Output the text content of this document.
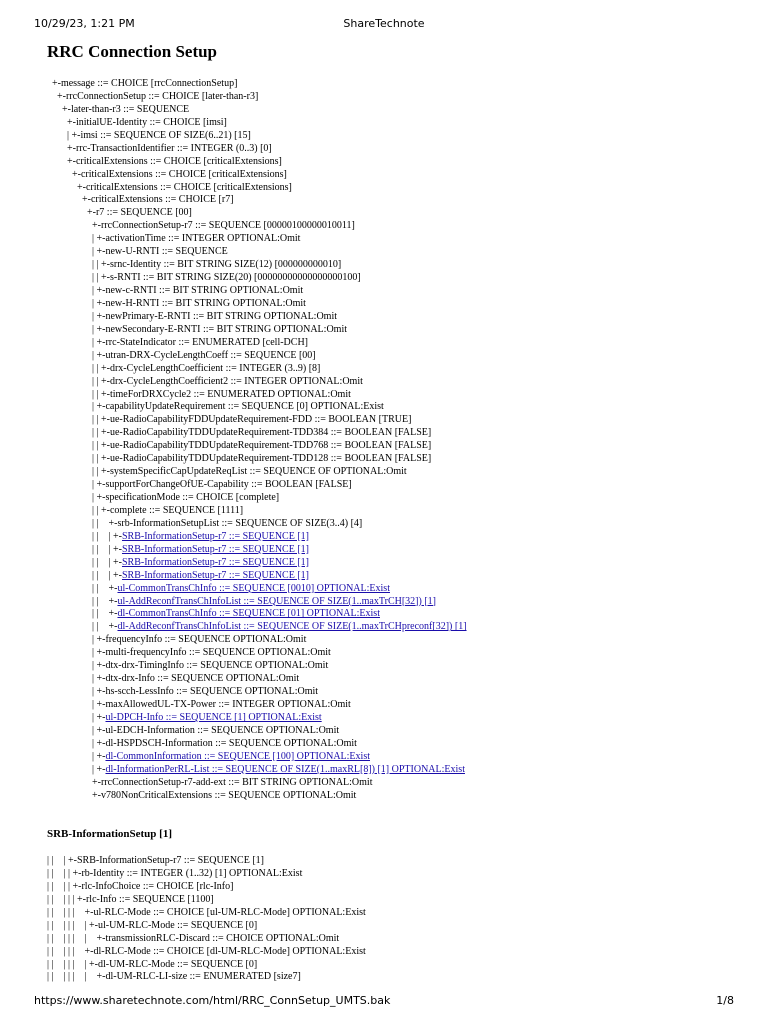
10/29/23, 1:21 PM	ShareTechnote
RRC Connection Setup
+-message ::= CHOICE [rrcConnectionSetup]
+-rrcConnectionSetup ::= CHOICE [later-than-r3]
+-later-than-r3 ::= SEQUENCE
+-initialUE-Identity ::= CHOICE [imsi]
| +-imsi ::= SEQUENCE OF SIZE(6..21) [15]
+-rrc-TransactionIdentifier ::= INTEGER (0..3) [0]
+-criticalExtensions ::= CHOICE [criticalExtensions]
+-criticalExtensions ::= CHOICE [criticalExtensions]
+-criticalExtensions ::= CHOICE [criticalExtensions]
+-criticalExtensions ::= CHOICE [r7]
+-r7 ::= SEQUENCE [00]
+-rrcConnectionSetup-r7 ::= SEQUENCE [00000100000010011]
| +-activationTime ::= INTEGER OPTIONAL:Omit
| +-new-U-RNTI ::= SEQUENCE
| | +-srnc-Identity ::= BIT STRING SIZE(12) [000000000010]
| | +-s-RNTI ::= BIT STRING SIZE(20) [00000000000000000100]
| +-new-c-RNTI ::= BIT STRING OPTIONAL:Omit
| +-new-H-RNTI ::= BIT STRING OPTIONAL:Omit
| +-newPrimary-E-RNTI ::= BIT STRING OPTIONAL:Omit
| +-newSecondary-E-RNTI ::= BIT STRING OPTIONAL:Omit
| +-rrc-StateIndicator ::= ENUMERATED [cell-DCH]
| +-utran-DRX-CycleLengthCoeff ::= SEQUENCE [00]
| | +-drx-CycleLengthCoefficient ::= INTEGER (3..9) [8]
| | +-drx-CycleLengthCoefficient2 ::= INTEGER OPTIONAL:Omit
| | +-timeForDRXCycle2 ::= ENUMERATED OPTIONAL:Omit
| +-capabilityUpdateRequirement ::= SEQUENCE [0] OPTIONAL:Exist
| | +-ue-RadioCapabilityFDDUpdateRequirement-FDD ::= BOOLEAN [TRUE]
| | +-ue-RadioCapabilityTDDUpdateRequirement-TDD384 ::= BOOLEAN [FALSE]
| | +-ue-RadioCapabilityTDDUpdateRequirement-TDD768 ::= BOOLEAN [FALSE]
| | +-ue-RadioCapabilityTDDUpdateRequirement-TDD128 ::= BOOLEAN [FALSE]
| | +-systemSpecificCapUpdateReqList ::= SEQUENCE OF OPTIONAL:Omit
| +-supportForChangeOfUE-Capability ::= BOOLEAN [FALSE]
| +-specificationMode ::= CHOICE [complete]
| | +-complete ::= SEQUENCE [1111]
| |    +-srb-InformationSetupList ::= SEQUENCE OF SIZE(3..4) [4]
| |    | +-SRB-InformationSetup-r7 ::= SEQUENCE [1]
| |    | +-SRB-InformationSetup-r7 ::= SEQUENCE [1]
| |    | +-SRB-InformationSetup-r7 ::= SEQUENCE [1]
| |    | +-SRB-InformationSetup-r7 ::= SEQUENCE [1]
| |    +-ul-CommonTransChInfo ::= SEQUENCE [0010] OPTIONAL:Exist
| |    +-ul-AddReconfTransChInfoList ::= SEQUENCE OF SIZE(1..maxTrCH[32]) [1]
| |    +-dl-CommonTransChInfo ::= SEQUENCE [01] OPTIONAL:Exist
| |    +-dl-AddReconfTransChInfoList ::= SEQUENCE OF SIZE(1..maxTrCHpreconf[32]) [1]
| +-frequencyInfo ::= SEQUENCE OPTIONAL:Omit
| +-multi-frequencyInfo ::= SEQUENCE OPTIONAL:Omit
| +-dtx-drx-TimingInfo ::= SEQUENCE OPTIONAL:Omit
| +-dtx-drx-Info ::= SEQUENCE OPTIONAL:Omit
| +-hs-scch-LessInfo ::= SEQUENCE OPTIONAL:Omit
| +-maxAllowedUL-TX-Power ::= INTEGER OPTIONAL:Omit
| +-ul-DPCH-Info ::= SEQUENCE [1] OPTIONAL:Exist
| +-ul-EDCH-Information ::= SEQUENCE OPTIONAL:Omit
| +-dl-HSPDSCH-Information ::= SEQUENCE OPTIONAL:Omit
| +-dl-CommonInformation ::= SEQUENCE [100] OPTIONAL:Exist
| +-dl-InformationPerRL-List ::= SEQUENCE OF SIZE(1..maxRL[8]) [1] OPTIONAL:Exist
+-rrcConnectionSetup-r7-add-ext ::= BIT STRING OPTIONAL:Omit
+-v780NonCriticalExtensions ::= SEQUENCE OPTIONAL:Omit
SRB-InformationSetup [1]
| |    | +-SRB-InformationSetup-r7 ::= SEQUENCE [1]
| |    | | +-rb-Identity ::= INTEGER (1..32) [1] OPTIONAL:Exist
| |    | | +-rlc-InfoChoice ::= CHOICE [rlc-Info]
| |    | | | +-rlc-Info ::= SEQUENCE [1100]
| |    | | |    +-ul-RLC-Mode ::= CHOICE [ul-UM-RLC-Mode] OPTIONAL:Exist
| |    | | |    | +-ul-UM-RLC-Mode ::= SEQUENCE [0]
| |    | | |    |    +-transmissionRLC-Discard ::= CHOICE OPTIONAL:Omit
| |    | | |    +-dl-RLC-Mode ::= CHOICE [dl-UM-RLC-Mode] OPTIONAL:Exist
| |    | | |    | +-dl-UM-RLC-Mode ::= SEQUENCE [0]
| |    | | |    |    +-dl-UM-RLC-LI-size ::= ENUMERATED [size7]
https://www.sharetechnote.com/html/RRC_ConnSetup_UMTS.bak	1/8
